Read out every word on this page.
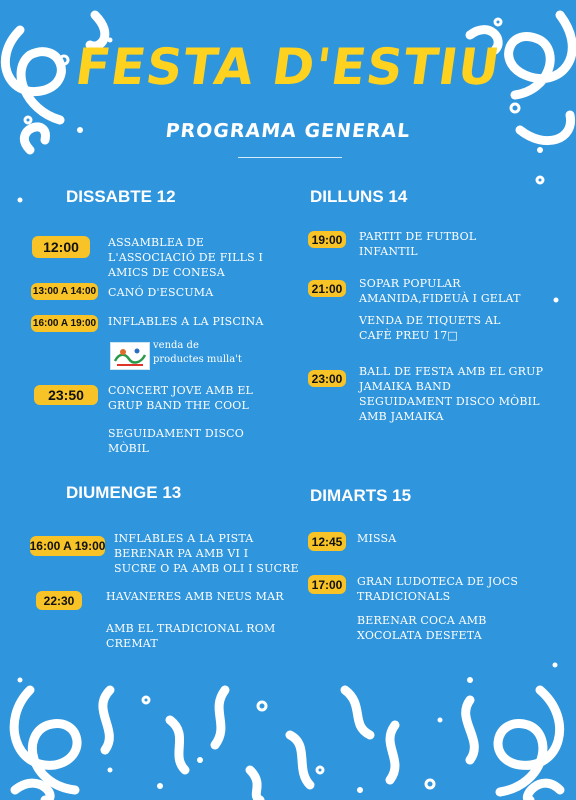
FESTA D'ESTIU
PROGRAMA GENERAL
DISSABTE 12
12:00	ASSAMBLEA DE
L'ASSOCIACIÓ DE FILLS I
AMICS DE CONESA
13:00 A 14:00 CANÓ D'ESCUMA
16:00 A 19:00 INFLABLES A LA PISCINA
venda de
productes mulla't
23:50	CONCERT JOVE AMB EL
GRUP BAND THE COOL
SEGUIDAMENT DISCO
MÒBIL
DILLUNS 14
19:00	PARTIT DE FUTBOL
INFANTIL
21:00	SOPAR POPULAR
AMANIDA,FIDEUÀ I GELAT
VENDA DE TIQUETS AL
CAFÈ PREU 17□
23:00	BALL DE FESTA AMB EL GRUP
JAMAIKA BAND
SEGUIDAMENT DISCO MÒBIL
AMB JAMAIKA
DIUMENGE 13
16:00 A 19:00
INFLABLES A LA PISTA
BERENAR PA AMB VI I
SUCRE O PA AMB OLI I SUCRE
22:30	HAVANERES AMB NEUS MAR
AMB EL TRADICIONAL ROM
CREMAT
DIMARTS 15
12:45	MISSA
17:00	GRAN LUDOTECA DE JOCS
TRADICIONALS
BERENAR COCA AMB
XOCOLATA DESFETA
